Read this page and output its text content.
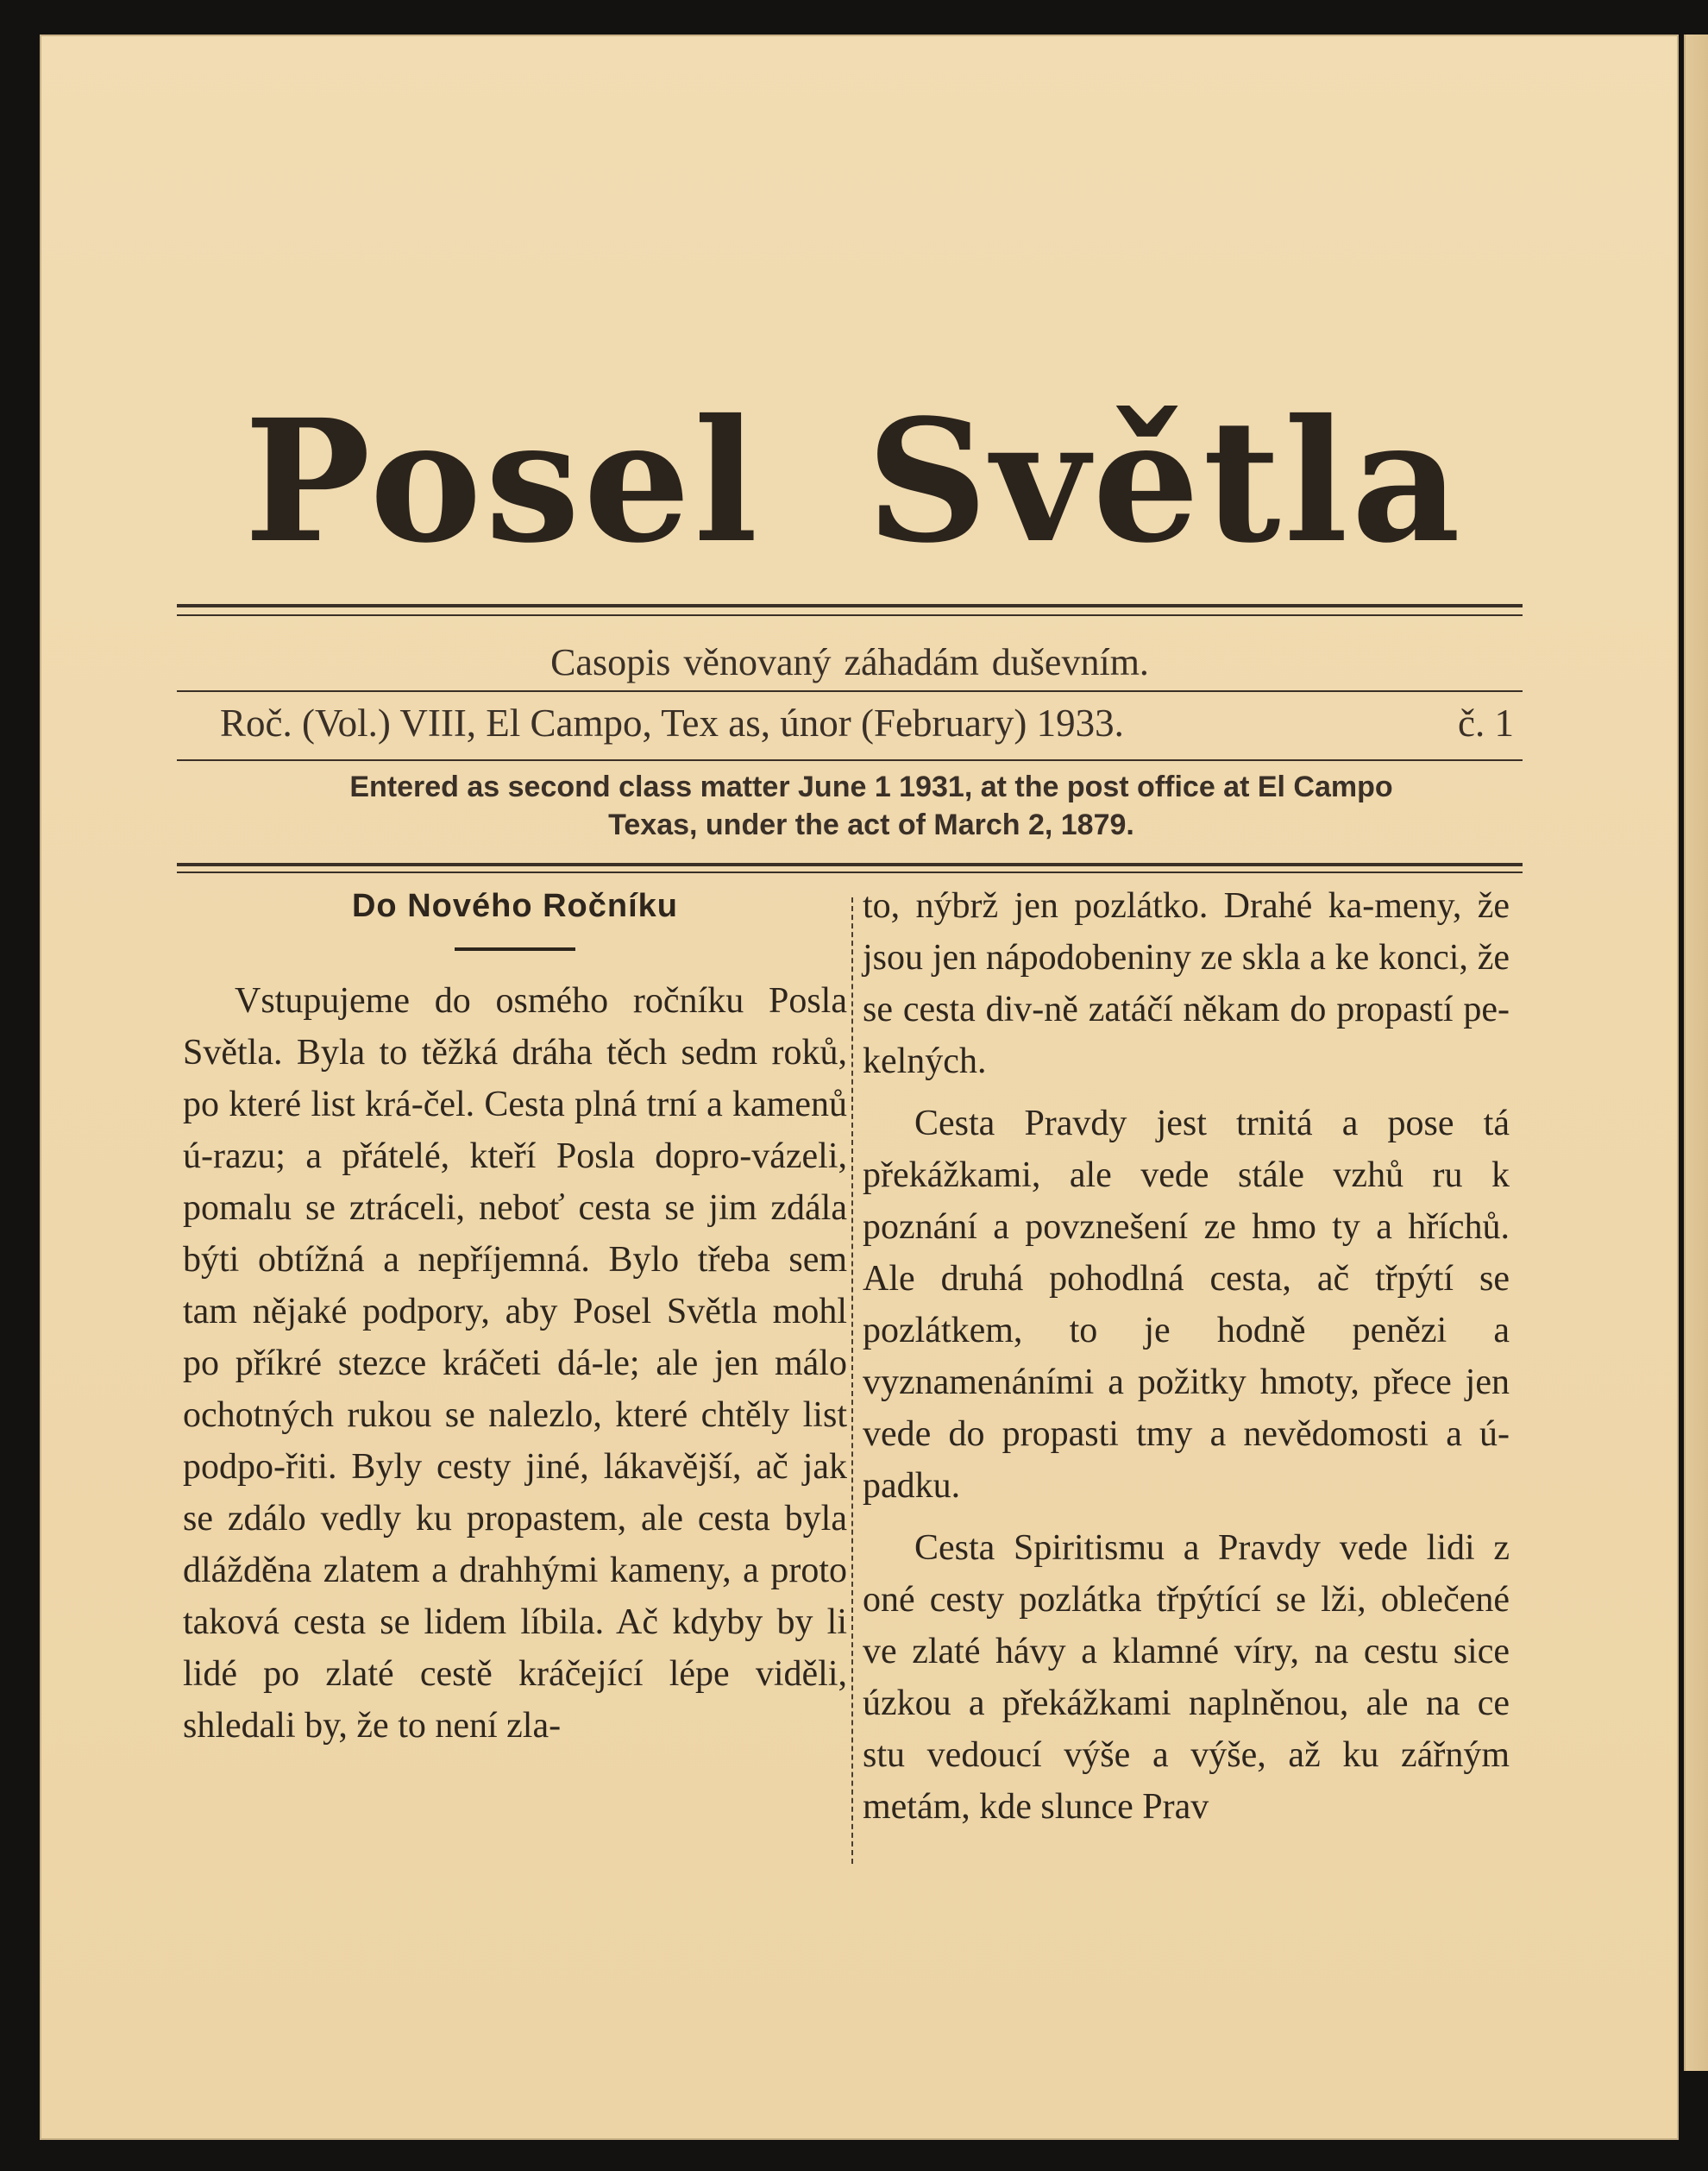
Posel Světla
Casopis věnovaný záhadám duševním.
Roč. (Vol.) VIII, El Campo, Tex as, únor (February) 1933.	č. 1
Entered as second class matter June 1 1931, at the post office at El Campo
Texas, under the act of March 2, 1879.
Do Nového Ročníku

Vstupujeme do osmého ročníku Posla Světla. Byla to těžká dráha těch sedm roků, po které list krá-čel. Cesta plná trní a kamenů ú-razu; a přátelé, kteří Posla dopro-vázeli, pomalu se ztráceli, neboť cesta se jim zdála býti obtížná a nepříjemná. Bylo třeba sem tam nějaké podpory, aby Posel Světla mohl po příkré stezce kráčeti dá-le; ale jen málo ochotných rukou se nalezlo, které chtěly list podpo-řiti. Byly cesty jiné, lákavější, ač jak se zdálo vedly ku propastem, ale cesta byla dlážděna zlatem a drahhými kameny, a proto taková cesta se lidem líbila. Ač kdyby by li lidé po zlaté cestě kráčející lépe viděli, shledali by, že to není zla-

to, nýbrž jen pozlátko. Drahé ka-meny, že jsou jen nápodobeniny ze skla a ke konci, že se cesta div-ně zatáčí někam do propastí pe-kelných.

Cesta Pravdy jest trnitá a pose tá překážkami, ale vede stále vzhů ru k poznání a povznešení ze hmo ty a hříchů. Ale druhá pohodlná cesta, ač třpýtí se pozlátkem, to je hodně penězi a vyznamenáními a požitky hmoty, přece jen vede do propasti tmy a nevědomosti a ú-padku.

Cesta Spiritismu a Pravdy vede lidi z oné cesty pozlátka třpýtící se lži, oblečené ve zlaté hávy a klamné víry, na cestu sice úzkou a překážkami naplněnou, ale na ce stu vedoucí výše a výše, až ku zářným metám, kde slunce Prav
